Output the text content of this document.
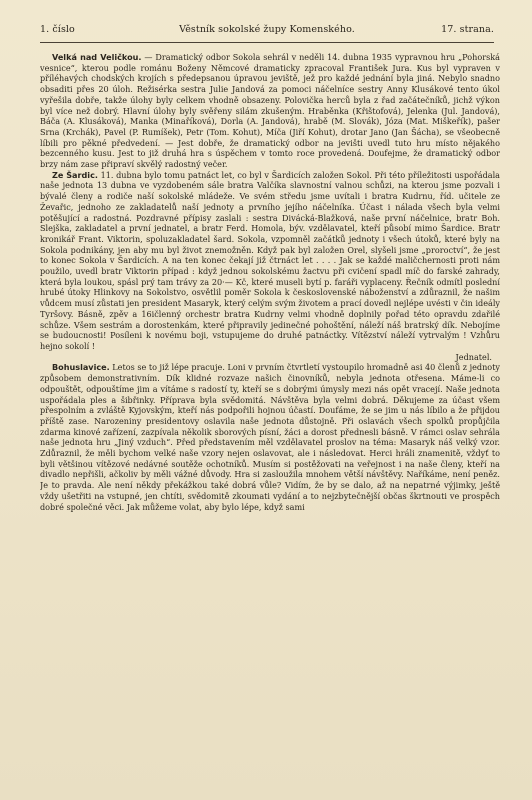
1. číslo	Věstník sokolské župy Komenského.	17. strana.

Velká nad Veličkou. — Dramatický odbor Sokola sehrál v neděli 14. dubna 1935 vypravnou hru „Pohorská vesnice“, kterou podle románu Boženy Němcové dramaticky zpracoval František Jura. Kus byl vypraven v příléhavých chodských krojích s předepsanou úpravou jeviště, jež pro každé jednání byla jiná. Nebylo snadno obsaditi přes 20 úloh. Režisérka sestra Julie Jandová za pomoci náčelníce sestry Anny Klusákové tento úkol vyřešila dobře, takže úlohy byly celkem vhodně obsazeny. Polovička herců byla z řad začátečníků, jichž výkon byl více než dobrý. Hlavní úlohy byly svěřeny silám zkušeným. Hraběnka (Křištofová), Jelenka (Jul. Jandová), Báča (A. Klusáková), Manka (Minaříková), Dorla (A. Jandová), hrabě (M. Slovák), Józa (Mat. Miškeřík), pašer Srna (Krchák), Pavel (P. Rumíšek), Petr (Tom. Kohut), Míča (Jiří Kohut), drotar Jano (Jan Šácha), se všeobecně líbili pro pěkné předvedení. — Jest dobře, že dramatický odbor na jevišti uvedl tuto hru místo nějakého bezcenného kusu. Jest to již druhá hra s úspěchem v tomto roce provedená. Doufejme, že dramatický odbor brzy nám zase připraví skvělý radostný večer.

Ze Šardic. 11. dubna bylo tomu patnáct let, co byl v Šardicích založen Sokol. Při této příležitosti uspořádala naše jednota 13 dubna ve vyzdobeném sále bratra Valčíka slavnostní valnou schůzi, na kterou jsme pozvali i bývalé členy a rodiče naší sokolské mládeže. Ve svém středu jsme uvítali i bratra Kudrnu, říd. učitele ze Ževařic, jednoho ze zakladatelů naší jednoty a prvního jejího náčelníka. Účast i nálada všech byla velmi potěšující a radostná. Pozdravné přípisy zaslali : sestra Divácká-Blažková, naše první náčelnice, bratr Boh. Slejška, zakladatel a první jednatel, a bratr Ferd. Homola, býv. vzdělavatel, kteří působí mimo Šardice. Bratr kronikář Frant. Viktorin, spoluzakladatel šard. Sokola, vzpomněl začátků jednoty i všech útoků, které byly na Sokola podnikány, jen aby mu byl život znemožněn. Když pak byl založen Orel, slyšeli jsme „proroctví“, že jest to konec Sokola v Šardicích. A na ten konec čekají již čtrnáct let . . . . Jak se každé maličchernosti proti nám použilo, uvedl bratr Viktorin případ : když jednou sokolskému žactvu při cvičení spadl míč do farské zahrady, která byla loukou, spásl prý tam trávy za 20·— Kč, které museli bytí p. faráři vyplaceny. Řečník odmítl poslední hrubé útoky Hlinkovy na Sokolstvo, osvětlil poměr Sokola k československé náboženství a zdůraznil, že našim vůdcem musí zůstati jen president Masaryk, který celým svým životem a prací dovedl nejlépe uvésti v čin ideály Tyršovy. Básně, zpěv a 16ičlenný orchestr bratra Kudrny velmi vhodně doplnily pořad této opravdu zdařilé schůze. Všem sestrám a dorostenkám, které připravily jedinečné pohoštění, náleží náš bratrský dík. Nebojíme se budoucnosti! Posíleni k novému boji, vstupujeme do druhé patnáctky. Vítězství náleží vytrvalým ! Vzhůru hejno sokolí !
Jednatel.

Bohuslavice. Letos se to již lépe pracuje. Loni v prvním čtvrtletí vystoupilo hromadně asi 40 členů z jednoty způsobem demonstrativním. Dík klidné rozvaze našich činovníků, nebyla jednota otřesena. Máme-li co odpouštět, odpouštíme jim a vítáme s radostí ty, kteří se s dobrými úmysly mezi nás opět vracejí. Naše jednota uspořádala ples a šibřinky. Příprava byla svědomitá. Návštěva byla velmi dobrá. Děkujeme za účast všem přespolním a zvláště Kyjovským, kteří nás podpořili hojnou účastí. Doufáme, že se jim u nás líbilo a že přijdou příště zase. Narozeniny presidentovy oslavila naše jednota důstojně. Při oslavách všech spolků propůjčila zdarma kinové zařízení, zazpívala několik sborových písní, žáci a dorost přednesli básně. V rámci oslav sehrála naše jednota hru „Jiný vzduch“. Před představením měl vzdělavatel proslov na téma: Masaryk náš velký vzor. Zdůraznil, že měli bychom velké naše vzory nejen oslavovat, ale i následovat. Herci hráli znamenitě, vždyť to byli většinou vítězové nedávné soutěže ochotníků. Musím si postěžovati na veřejnost i na naše členy, kteří na divadlo nepřišli, ačkoliv by měli vážné důvody. Hra si zasloužila mnohem větší návštěvy. Naříkáme, není peněz. Je to pravda. Ale není někdy překážkou také dobrá vůle? Vidím, že by se dalo, až na nepatrné výjimky, ještě vždy ušetřiti na vstupné, jen chtíti, svědomitě zkoumati vydání a to nejzbytečnější občas škrtnouti ve prospěch dobré společné věci. Jak můžeme volat, aby bylo lépe, když sami
